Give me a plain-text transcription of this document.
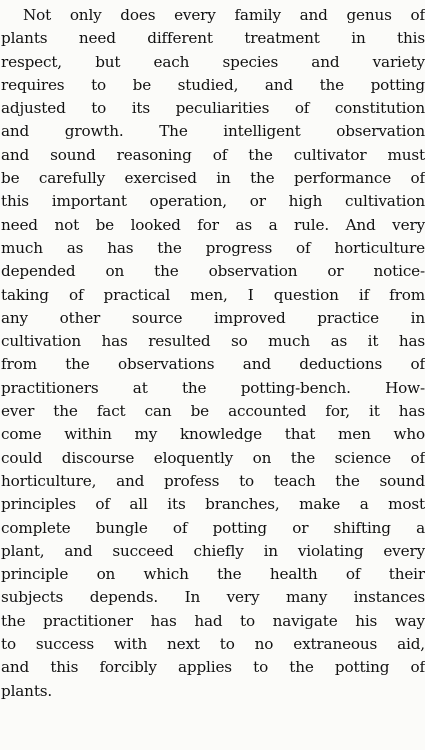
Not only does every family and genus of
plants need different treatment in this
respect, but each species and variety
requires to be studied, and the potting
adjusted to its peculiarities of constitution
and growth. The intelligent observation
and sound reasoning of the cultivator must
be carefully exercised in the performance of
this important operation, or high cultivation
need not be looked for as a rule. And very
much as has the progress of horticulture
depended on the observation or notice-
taking of practical men, I question if from
any other source improved practice in
cultivation has resulted so much as it has
from the observations and deductions of
practitioners at the potting-bench. How-
ever the fact can be accounted for, it has
come within my knowledge that men who
could discourse eloquently on the science of
horticulture, and profess to teach the sound
principles of all its branches, make a most
complete bungle of potting or shifting a
plant, and succeed chiefly in violating every
principle on which the health of their
subjects depends. In very many instances
the practitioner has had to navigate his way
to success with next to no extraneous aid,
and this forcibly applies to the potting of
plants.
